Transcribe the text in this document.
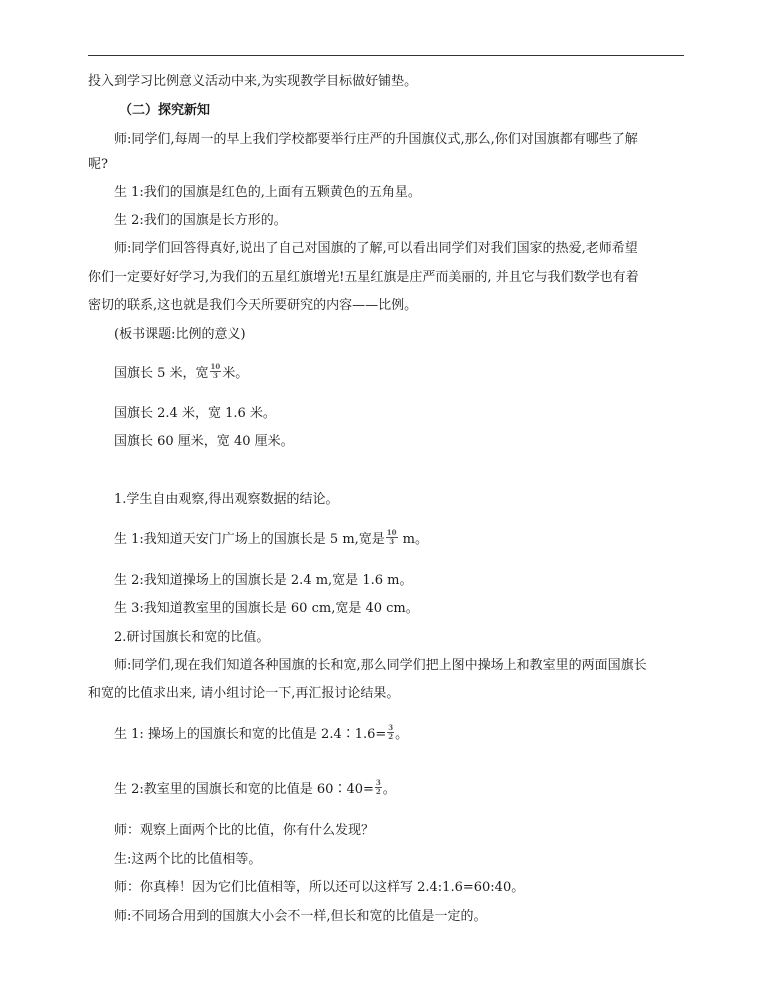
投入到学习比例意义活动中来,为实现教学目标做好铺垫。
（二）探究新知
师:同学们,每周一的早上我们学校都要举行庄严的升国旗仪式,那么,你们对国旗都有哪些了解
呢?
生 1:我们的国旗是红色的,上面有五颗黄色的五角星。
生 2:我们的国旗是长方形的。
师:同学们回答得真好,说出了自己对国旗的了解,可以看出同学们对我们国家的热爱,老师希望
你们一定要好好学习,为我们的五星红旗增光!五星红旗是庄严而美丽的, 并且它与我们数学也有着
密切的联系,这也就是我们今天所要研究的内容——比例。
(板书课题:比例的意义)
国旗长 5 米，宽 $\frac{10}{3}$ 米。
国旗长 2.4 米，宽 1.6 米。
国旗长 60 厘米，宽 40 厘米。
1.学生自由观察,得出观察数据的结论。
生 1:我知道天安门广场上的国旗长是 5 m,宽是 $\frac{10}{3}$ m。
生 2:我知道操场上的国旗长是 2.4 m,宽是 1.6 m。
生 3:我知道教室里的国旗长是 60 cm,宽是 40 cm。
2.研讨国旗长和宽的比值。
师:同学们,现在我们知道各种国旗的长和宽,那么同学们把上图中操场上和教室里的两面国旗长
和宽的比值求出来, 请小组讨论一下,再汇报讨论结果。
生 1: 操场上的国旗长和宽的比值是 2.4∶1.6= $\frac{3}{2}$ 。
生 2:教室里的国旗长和宽的比值是 60∶40= $\frac{3}{2}$ 。
师：观察上面两个比的比值，你有什么发现？
生:这两个比的比值相等。
师：你真棒！因为它们比值相等，所以还可以这样写 2.4:1.6=60:40。
师:不同场合用到的国旗大小会不一样,但长和宽的比值是一定的。
